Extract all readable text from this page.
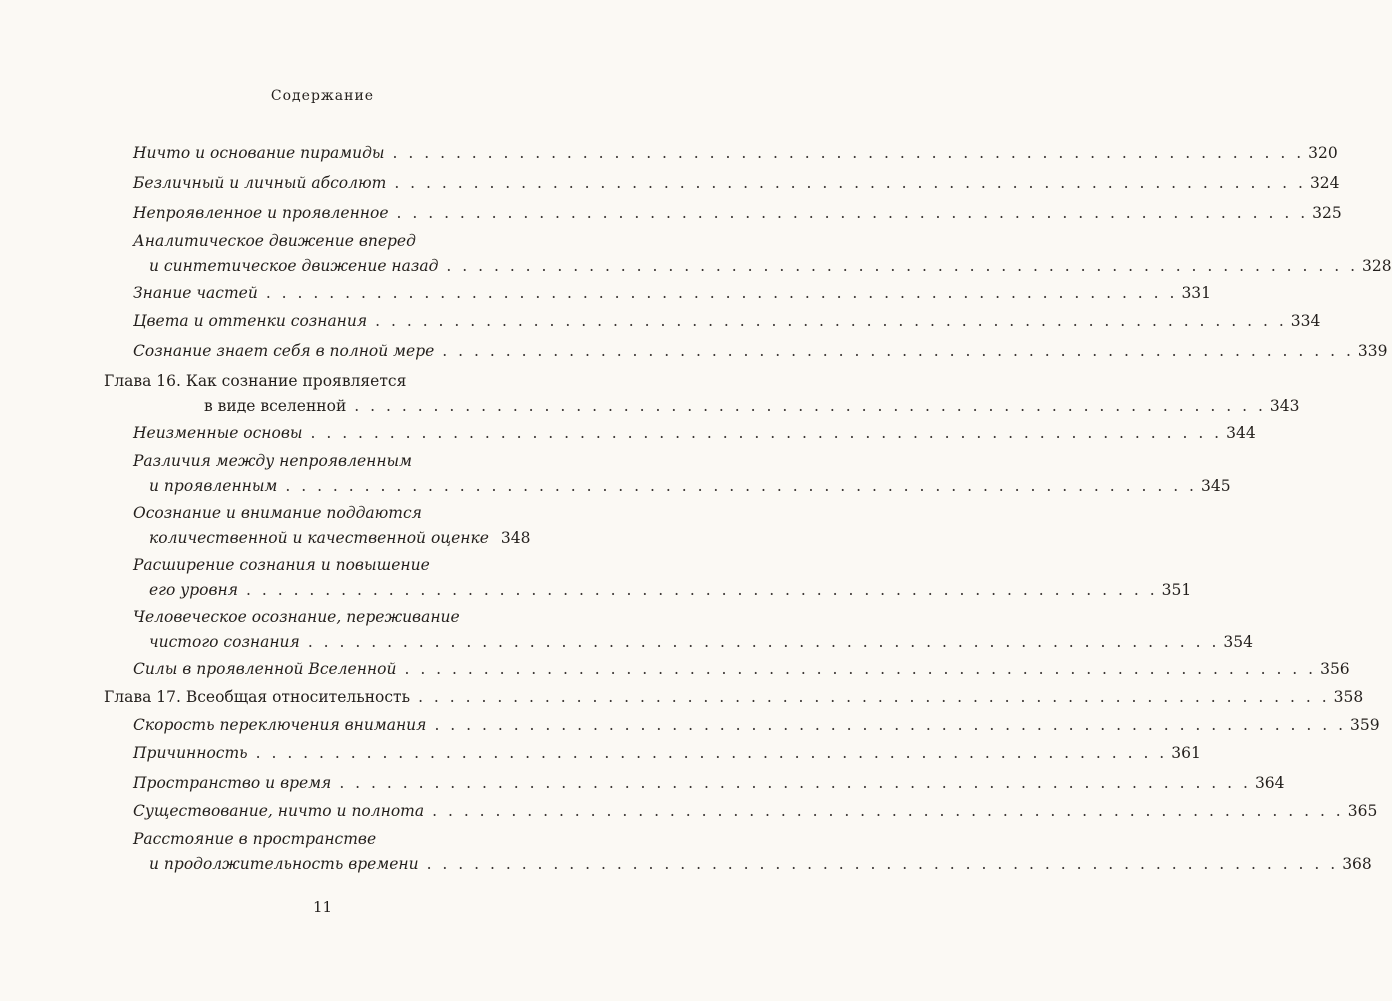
Содержание
Ничто и основание пирамиды . . . . . . . . . . . . . . . . . . . . . . . . . . . . . . . . . . . . . . . . . . . . . . . . . . . . . . . . . . 320
Безличный и личный абсолют . . . . . . . . . . . . . . . . . . . . . . . . . . . . . . . . . . . . . . . . . . . . . . . . . . . . . . . . . . 324
Непроявленное и проявленное . . . . . . . . . . . . . . . . . . . . . . . . . . . . . . . . . . . . . . . . . . . . . . . . . . . . . . . . . . 325
Аналитическое движение вперед
и синтетическое движение назад . . . . . . . . . . . . . . . . . . . . . . . . . . . . . . . . . . . . . . . . . . . . . . . . . . . . . . . . . . 328
Знание частей . . . . . . . . . . . . . . . . . . . . . . . . . . . . . . . . . . . . . . . . . . . . . . . . . . . . . . . . . . 331
Цвета и оттенки сознания . . . . . . . . . . . . . . . . . . . . . . . . . . . . . . . . . . . . . . . . . . . . . . . . . . . . . . . . . . 334
Сознание знает себя в полной мере . . . . . . . . . . . . . . . . . . . . . . . . . . . . . . . . . . . . . . . . . . . . . . . . . . . . . . . . . . 339
Глава 16. Как сознание проявляется
в виде вселенной . . . . . . . . . . . . . . . . . . . . . . . . . . . . . . . . . . . . . . . . . . . . . . . . . . . . . . . . . . 343
Неизменные основы . . . . . . . . . . . . . . . . . . . . . . . . . . . . . . . . . . . . . . . . . . . . . . . . . . . . . . . . . . 344
Различия между непроявленным
и проявленным . . . . . . . . . . . . . . . . . . . . . . . . . . . . . . . . . . . . . . . . . . . . . . . . . . . . . . . . . . 345
Осознание и внимание поддаются
количественной и качественной оценке 348
Расширение сознания и повышение
его уровня . . . . . . . . . . . . . . . . . . . . . . . . . . . . . . . . . . . . . . . . . . . . . . . . . . . . . . . . . . 351
Человеческое осознание, переживание
чистого сознания . . . . . . . . . . . . . . . . . . . . . . . . . . . . . . . . . . . . . . . . . . . . . . . . . . . . . . . . . . 354
Силы в проявленной Вселенной . . . . . . . . . . . . . . . . . . . . . . . . . . . . . . . . . . . . . . . . . . . . . . . . . . . . . . . . . . 356
Глава 17. Всеобщая относительность . . . . . . . . . . . . . . . . . . . . . . . . . . . . . . . . . . . . . . . . . . . . . . . . . . . . . . . . . . 358
Скорость переключения внимания . . . . . . . . . . . . . . . . . . . . . . . . . . . . . . . . . . . . . . . . . . . . . . . . . . . . . . . . . . 359
Причинность . . . . . . . . . . . . . . . . . . . . . . . . . . . . . . . . . . . . . . . . . . . . . . . . . . . . . . . . . . 361
Пространство и время . . . . . . . . . . . . . . . . . . . . . . . . . . . . . . . . . . . . . . . . . . . . . . . . . . . . . . . . . . 364
Существование, ничто и полнота . . . . . . . . . . . . . . . . . . . . . . . . . . . . . . . . . . . . . . . . . . . . . . . . . . . . . . . . . . 365
Расстояние в пространстве
и продолжительность времени . . . . . . . . . . . . . . . . . . . . . . . . . . . . . . . . . . . . . . . . . . . . . . . . . . . . . . . . . . 368
11
